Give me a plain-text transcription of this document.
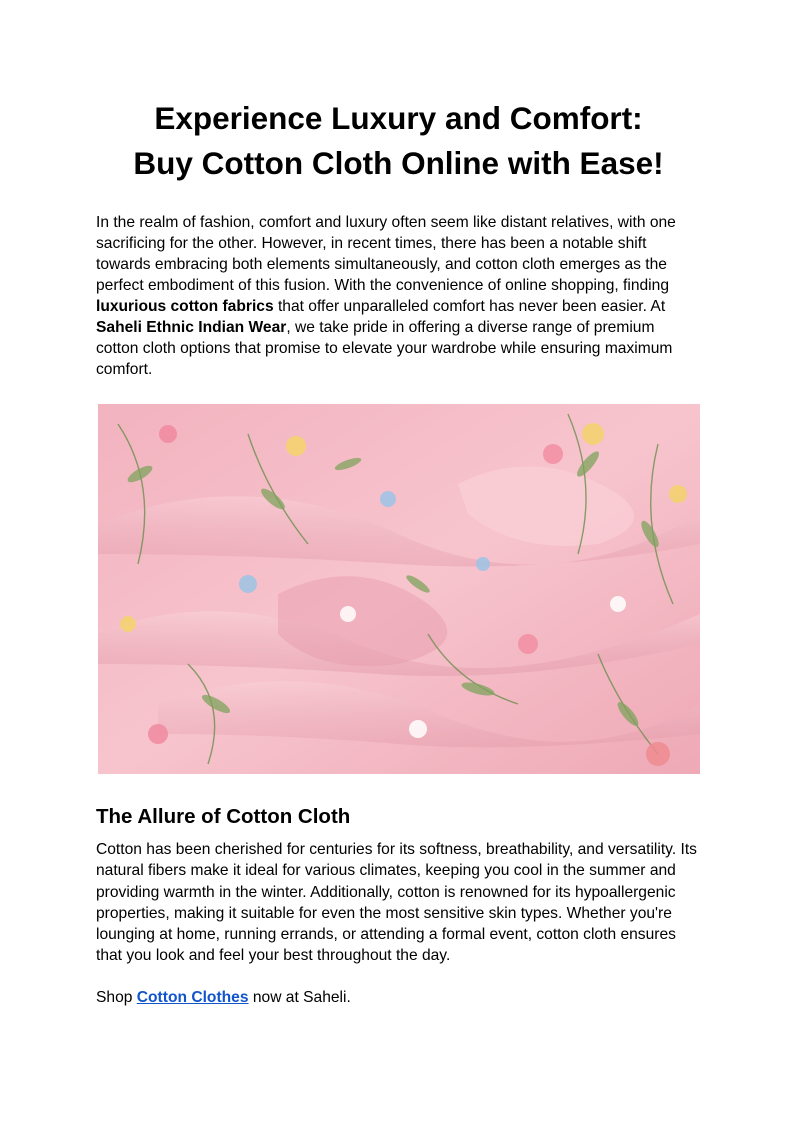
Experience Luxury and Comfort:
Buy Cotton Cloth Online with Ease!

In the realm of fashion, comfort and luxury often seem like distant relatives, with one sacrificing for the other. However, in recent times, there has been a notable shift towards embracing both elements simultaneously, and cotton cloth emerges as the perfect embodiment of this fusion. With the convenience of online shopping, finding luxurious cotton fabrics that offer unparalleled comfort has never been easier. At Saheli Ethnic Indian Wear, we take pride in offering a diverse range of premium cotton cloth options that promise to elevate your wardrobe while ensuring maximum comfort.

The Allure of Cotton Cloth

Cotton has been cherished for centuries for its softness, breathability, and versatility. Its natural fibers make it ideal for various climates, keeping you cool in the summer and providing warmth in the winter. Additionally, cotton is renowned for its hypoallergenic properties, making it suitable for even the most sensitive skin types. Whether you're lounging at home, running errands, or attending a formal event, cotton cloth ensures that you look and feel your best throughout the day.

Shop Cotton Clothes now at Saheli.
